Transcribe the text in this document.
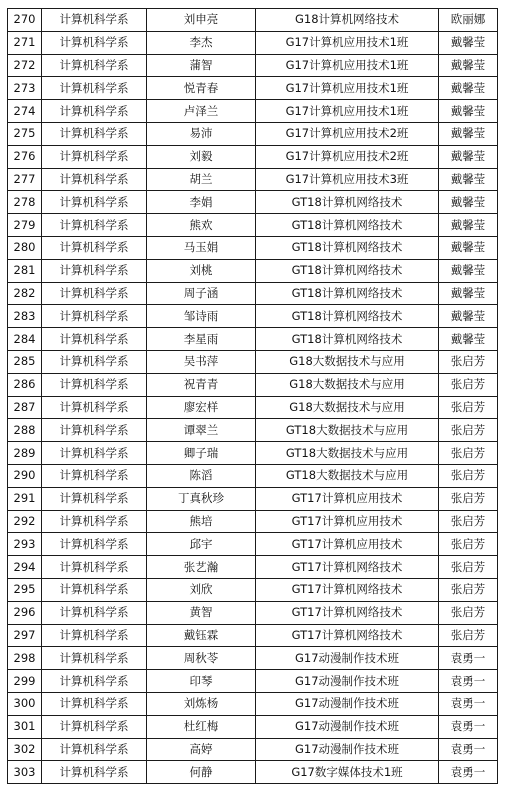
270	计算机科学系	刘申亮	G18计算机网络技术	欧丽娜
271	计算机科学系	李杰	G17计算机应用技术1班	戴馨莹
272	计算机科学系	蒲智	G17计算机应用技术1班	戴馨莹
273	计算机科学系	悦青春	G17计算机应用技术1班	戴馨莹
274	计算机科学系	卢泽兰	G17计算机应用技术1班	戴馨莹
275	计算机科学系	易沛	G17计算机应用技术2班	戴馨莹
276	计算机科学系	刘毅	G17计算机应用技术2班	戴馨莹
277	计算机科学系	胡兰	G17计算机应用技术3班	戴馨莹
278	计算机科学系	李娟	GT18计算机网络技术	戴馨莹
279	计算机科学系	熊欢	GT18计算机网络技术	戴馨莹
280	计算机科学系	马玉娟	GT18计算机网络技术	戴馨莹
281	计算机科学系	刘桃	GT18计算机网络技术	戴馨莹
282	计算机科学系	周子涵	GT18计算机网络技术	戴馨莹
283	计算机科学系	邹诗雨	GT18计算机网络技术	戴馨莹
284	计算机科学系	李星雨	GT18计算机网络技术	戴馨莹
285	计算机科学系	吴书萍	G18大数据技术与应用	张启芳
286	计算机科学系	祝青青	G18大数据技术与应用	张启芳
287	计算机科学系	廖宏样	G18大数据技术与应用	张启芳
288	计算机科学系	谭翠兰	GT18大数据技术与应用	张启芳
289	计算机科学系	卿子瑞	GT18大数据技术与应用	张启芳
290	计算机科学系	陈滔	GT18大数据技术与应用	张启芳
291	计算机科学系	丁真秋珍	GT17计算机应用技术	张启芳
292	计算机科学系	熊培	GT17计算机应用技术	张启芳
293	计算机科学系	邱宇	GT17计算机应用技术	张启芳
294	计算机科学系	张艺瀚	GT17计算机网络技术	张启芳
295	计算机科学系	刘欣	GT17计算机网络技术	张启芳
296	计算机科学系	黄智	GT17计算机网络技术	张启芳
297	计算机科学系	戴钰霖	GT17计算机网络技术	张启芳
298	计算机科学系	周秋苓	G17动漫制作技术班	袁勇一
299	计算机科学系	印琴	G17动漫制作技术班	袁勇一
300	计算机科学系	刘炼杨	G17动漫制作技术班	袁勇一
301	计算机科学系	杜红梅	G17动漫制作技术班	袁勇一
302	计算机科学系	高婷	G17动漫制作技术班	袁勇一
303	计算机科学系	何静	G17数字媒体技术1班	袁勇一
